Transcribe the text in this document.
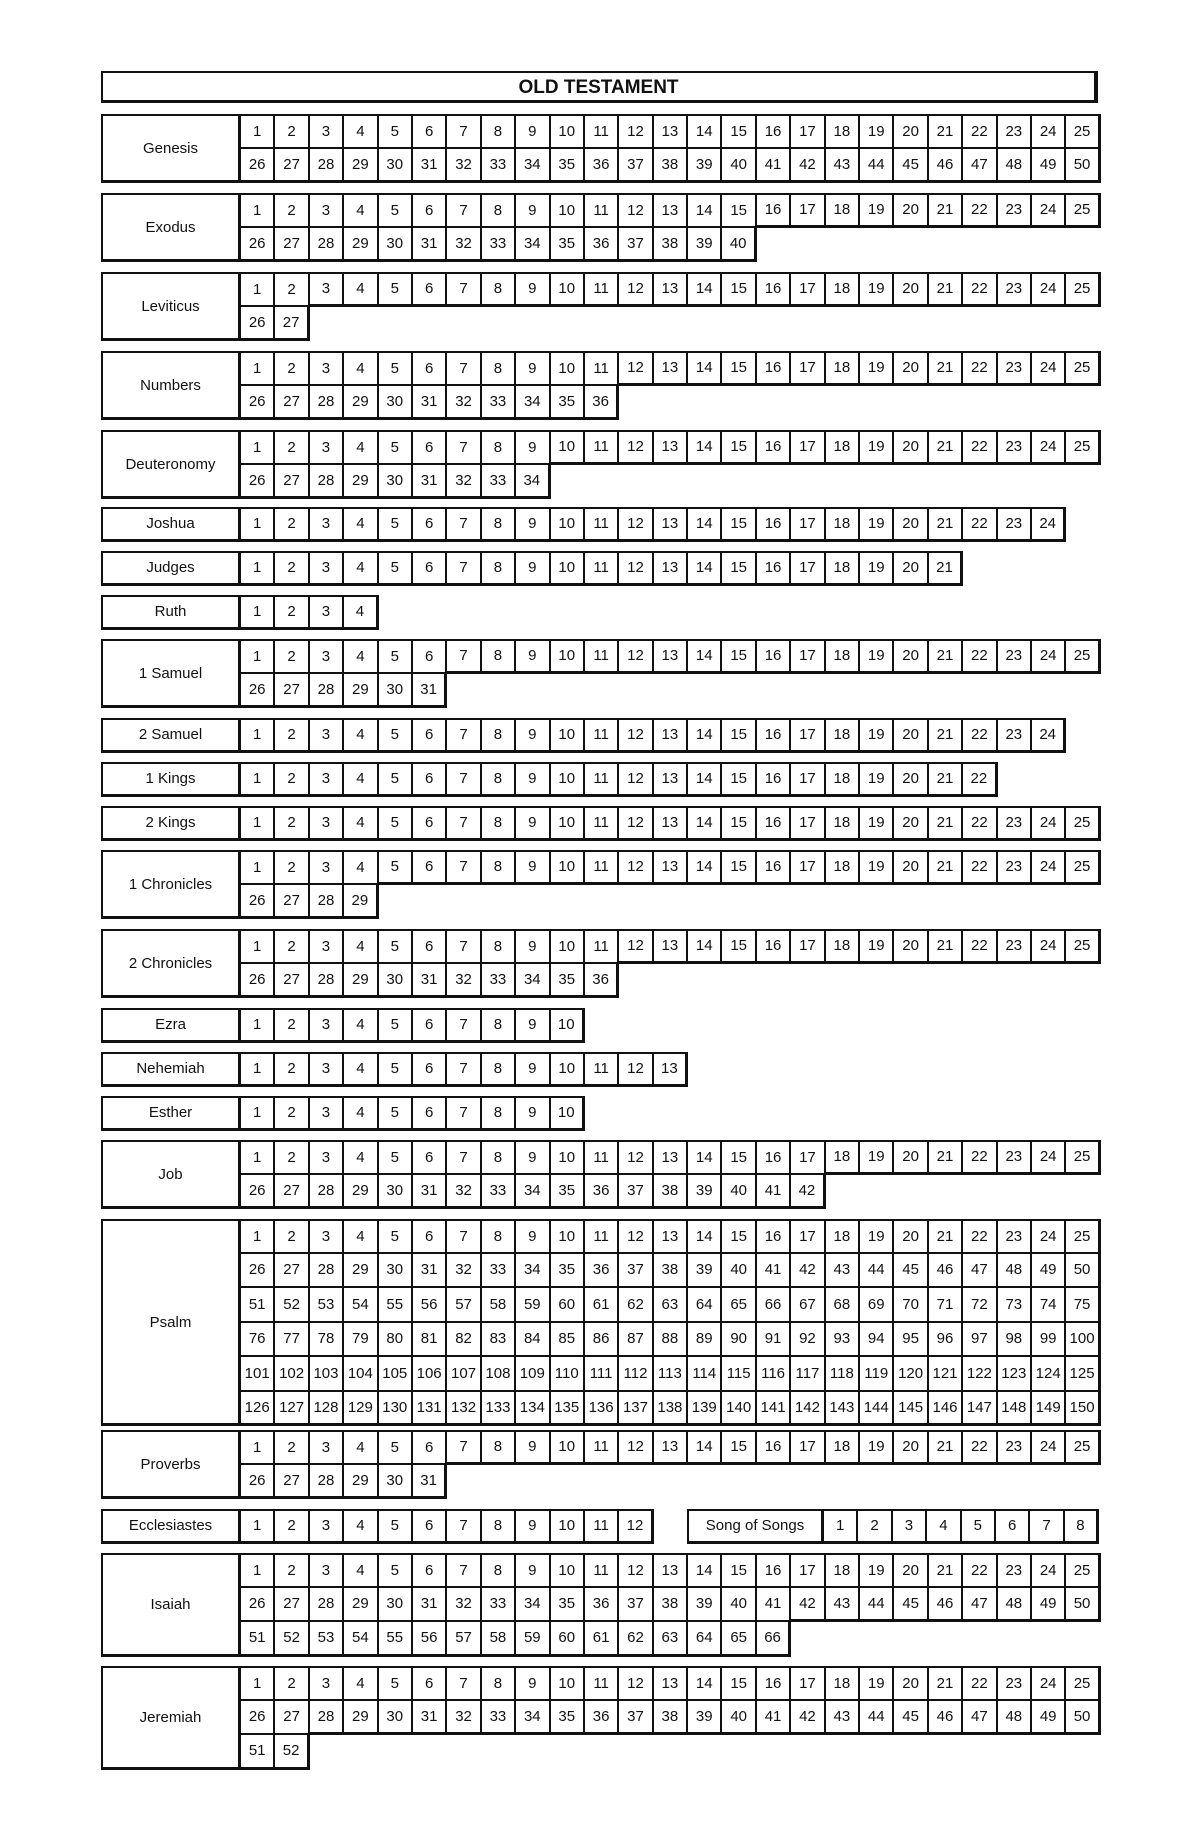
OLD TESTAMENT
Genesis
1	2	3	4	5	6	7	8	9	10	11	12	13	14	15	16	17	18	19	20	21	22	23	24	25
26	27	28	29	30	31	32	33	34	35	36	37	38	39	40	41	42	43	44	45	46	47	48	49	50
Exodus
1	2	3	4	5	6	7	8	9	10	11	12	13	14	15	16	17	18	19	20	21	22	23	24	25
26	27	28	29	30	31	32	33	34	35	36	37	38	39	40
Leviticus
1	2	3	4	5	6	7	8	9	10	11	12	13	14	15	16	17	18	19	20	21	22	23	24	25
26	27
Numbers
1	2	3	4	5	6	7	8	9	10	11	12	13	14	15	16	17	18	19	20	21	22	23	24	25
26	27	28	29	30	31	32	33	34	35	36
Deuteronomy
1	2	3	4	5	6	7	8	9	10	11	12	13	14	15	16	17	18	19	20	21	22	23	24	25
26	27	28	29	30	31	32	33	34
Joshua	1	2	3	4	5	6	7	8	9	10	11	12	13	14	15	16	17	18	19	20	21	22	23	24
Judges	1	2	3	4	5	6	7	8	9	10	11	12	13	14	15	16	17	18	19	20	21
Ruth	1	2	3	4
1 Samuel
1	2	3	4	5	6	7	8	9	10	11	12	13	14	15	16	17	18	19	20	21	22	23	24	25
26	27	28	29	30	31
2 Samuel	1	2	3	4	5	6	7	8	9	10	11	12	13	14	15	16	17	18	19	20	21	22	23	24
1 Kings	1	2	3	4	5	6	7	8	9	10	11	12	13	14	15	16	17	18	19	20	21	22
2 Kings	1	2	3	4	5	6	7	8	9	10	11	12	13	14	15	16	17	18	19	20	21	22	23	24	25
1 Chronicles
1	2	3	4	5	6	7	8	9	10	11	12	13	14	15	16	17	18	19	20	21	22	23	24	25
26	27	28	29
2 Chronicles
1	2	3	4	5	6	7	8	9	10	11	12	13	14	15	16	17	18	19	20	21	22	23	24	25
26	27	28	29	30	31	32	33	34	35	36
Ezra	1	2	3	4	5	6	7	8	9	10
Nehemiah	1	2	3	4	5	6	7	8	9	10	11	12	13
Esther	1	2	3	4	5	6	7	8	9	10
Job
1	2	3	4	5	6	7	8	9	10	11	12	13	14	15	16	17	18	19	20	21	22	23	24	25
26	27	28	29	30	31	32	33	34	35	36	37	38	39	40	41	42
Psalm
1	2	3	4	5	6	7	8	9	10	11	12	13	14	15	16	17	18	19	20	21	22	23	24	25
26	27	28	29	30	31	32	33	34	35	36	37	38	39	40	41	42	43	44	45	46	47	48	49	50
51	52	53	54	55	56	57	58	59	60	61	62	63	64	65	66	67	68	69	70	71	72	73	74	75
76	77	78	79	80	81	82	83	84	85	86	87	88	89	90	91	92	93	94	95	96	97	98	99 100
101 102 103 104 105 106 107 108 109 110 111 112 113 114 115 116 117 118 119 120 121 122 123 124 125
126 127 128 129 130 131 132 133 134 135 136 137 138 139 140 141 142 143 144 145 146 147 148 149 150
Proverbs
1	2	3	4	5	6	7	8	9	10	11	12	13	14	15	16	17	18	19	20	21	22	23	24	25
26	27	28	29	30	31
Ecclesiastes	1	2	3	4	5	6	7	8	9	10	11	12
Isaiah
1	2	3	4	5	6	7	8	9	10	11	12	13	14	15	16	17	18	19	20	21	22	23	24	25
26	27	28	29	30	31	32	33	34	35	36	37	38	39	40	41	42	43	44	45	46	47	48	49	50
51	52	53	54	55	56	57	58	59	60	61	62	63	64	65	66
Jeremiah
1	2	3	4	5	6	7	8	9	10	11	12	13	14	15	16	17	18	19	20	21	22	23	24	25
26	27	28	29	30	31	32	33	34	35	36	37	38	39	40	41	42	43	44	45	46	47	48	49	50
51	52
Song of Songs	1	2	3	4	5	6	7	8
